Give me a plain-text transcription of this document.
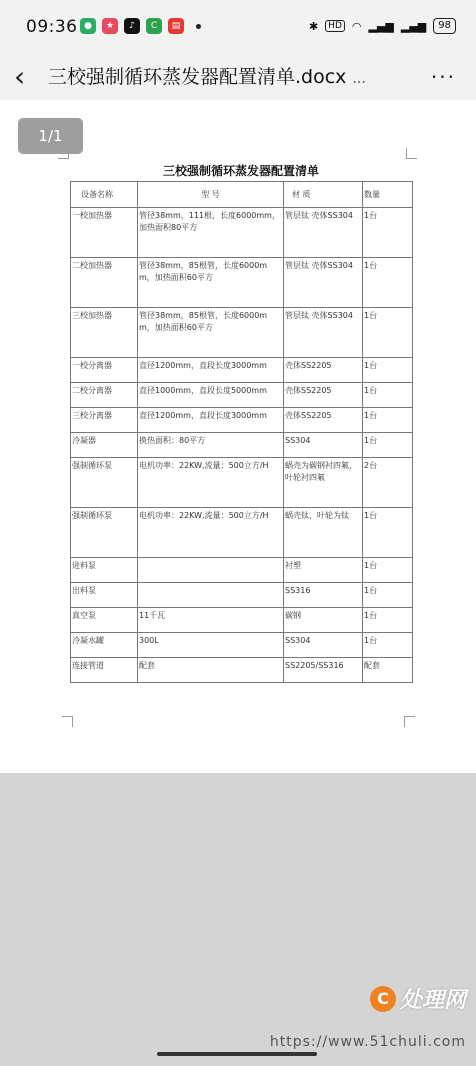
09:36 ●	★	♪	C	▤	✱	HD ◠ ▂▄▆ ▂▄▆	98
‹	三校强制循环蒸发器配置清单.docx ...	···
1/1
三校强制循环蒸发器配置清单
设备名称	型 号	材 质	数量
一校加热器	管径38mm，111根，长度6000mm，加热面积80平方	管层钛 壳体SS304	1台
二校加热器	管径38mm，85根管，长度6000mm，加热面积60平方	管层钛 壳体SS304	1台
三校加热器	管径38mm，85根管，长度6000mm，加热面积60平方	管层钛 壳体SS304	1台
一校分离器	直径1200mm，直段长度3000mm	壳体SS2205	1台
二校分离器	直径1000mm，直段长度5000mm	壳体SS2205	1台
三校分离器	直径1200mm，直段长度3000mm	壳体SS2205	1台
冷凝器	换热面积：80平方	SS304	1台
强制循环泵	电机功率：22KW,流量：500立方/H	蜗壳为碳钢衬四氟，叶轮衬四氟	2台
强制循环泵	电机功率：22KW,流量：500立方/H	蜗壳钛，叶轮为钛	1台
进料泵		衬塑	1台
出料泵		SS316	1台
真空泵	11千瓦	碳钢	1台
冷凝水罐	300L	SS304	1台
连接管道	配套	SS2205/SS316	配套
C 处理网
https://www.51chuli.com
